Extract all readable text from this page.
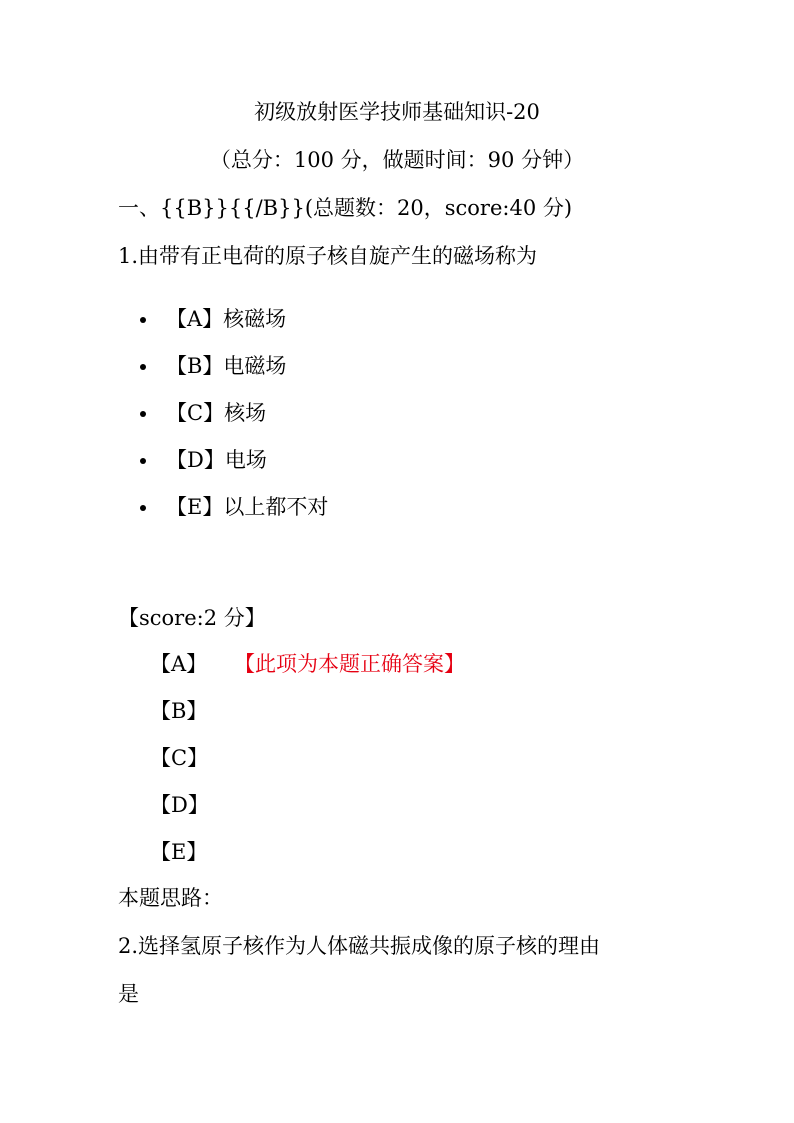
初级放射医学技师基础知识-20
（总分：100 分，做题时间：90 分钟）
一、{{B}}{{/B}}(总题数：20，score:40 分)
1.由带有正电荷的原子核自旋产生的磁场称为
【A】核磁场
【B】电磁场
【C】核场
【D】电场
【E】以上都不对
【score:2 分】
【A】 【此项为本题正确答案】
【B】
【C】
【D】
【E】
本题思路：
2.选择氢原子核作为人体磁共振成像的原子核的理由
是
